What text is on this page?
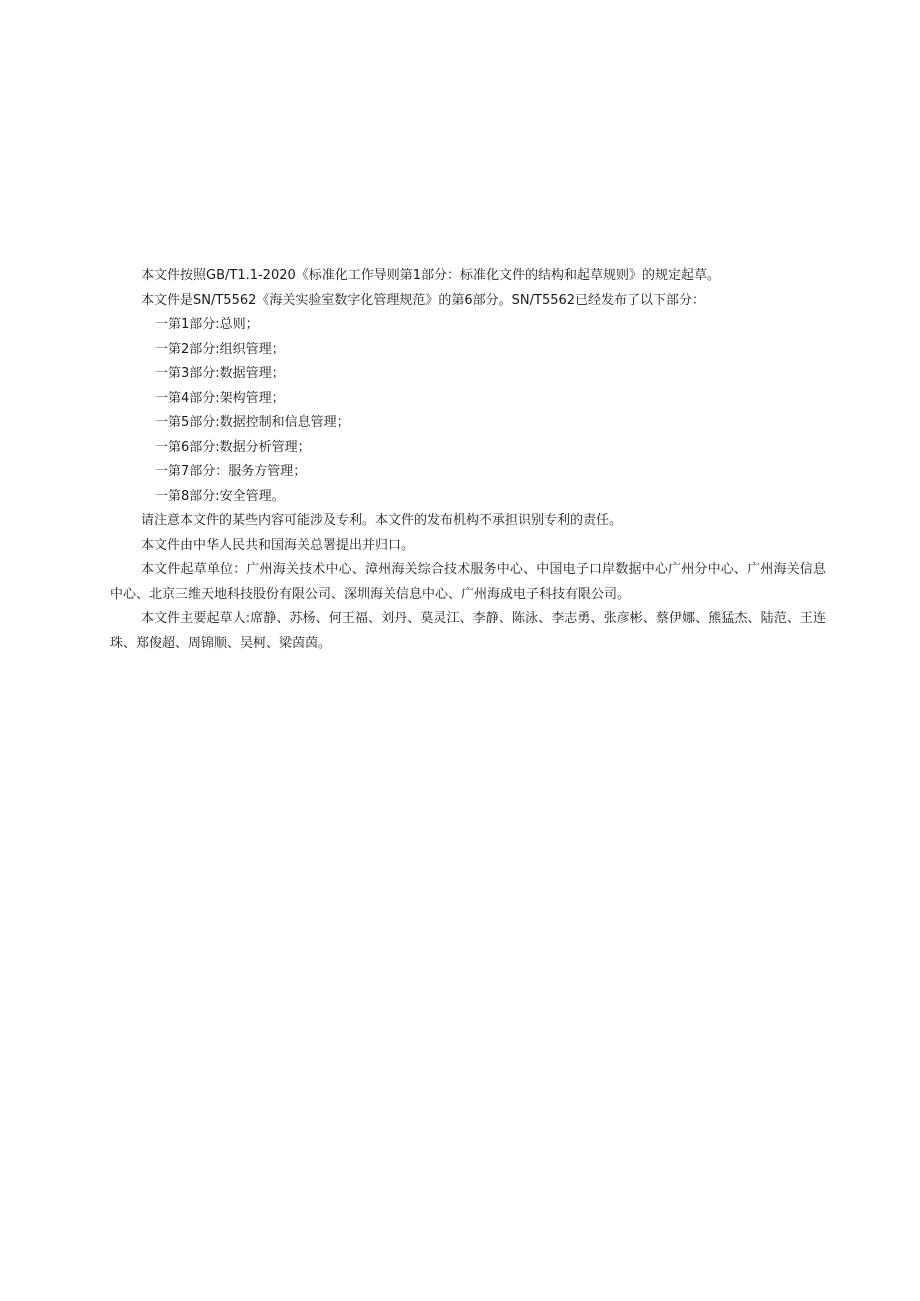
本文件按照GB/T1.1-2020《标准化工作导则第1部分：标准化文件的结构和起草规则》的规定起草。

本文件是SN/T5562《海关实验室数字化管理规范》的第6部分。SN/T5562已经发布了以下部分：

一第1部分:总则；

一第2部分:组织管理；

一第3部分:数据管理；

一第4部分:架构管理；

一第5部分:数据控制和信息管理；

一第6部分:数据分析管理；

一第7部分：服务方管理；

一第8部分:安全管理。

请注意本文件的某些内容可能涉及专利。本文件的发布机构不承担识别专利的责任。

本文件由中华人民共和国海关总署提出并归口。

本文件起草单位：广州海关技术中心、漳州海关综合技术服务中心、中国电子口岸数据中心广州分中心、广州海关信息中心、北京三维天地科技股份有限公司、深圳海关信息中心、广州海成电子科技有限公司。

本文件主要起草人:席静、苏杨、何王福、刘丹、莫灵江、李静、陈泳、李志勇、张彦彬、蔡伊娜、熊猛杰、陆范、王连珠、郑俊超、周锦顺、吴柯、梁茵茵。
